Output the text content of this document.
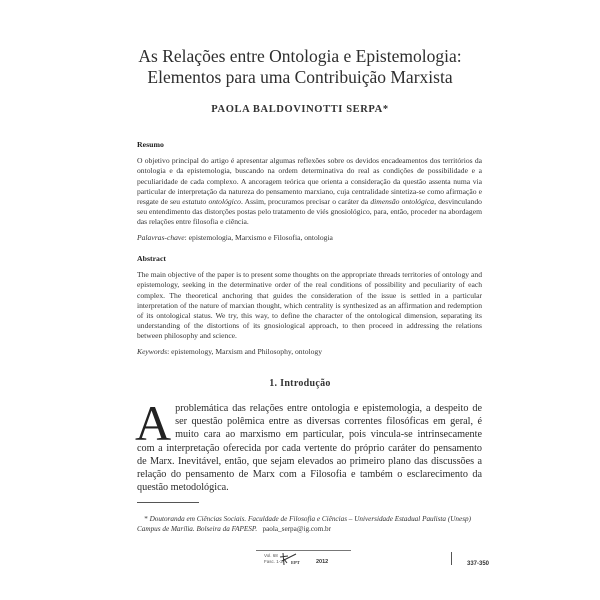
As Relações entre Ontologia e Epistemologia:
Elementos para uma Contribuição Marxista
PAOLA BALDOVINOTTI SERPA*
Resumo
O objetivo principal do artigo é apresentar algumas reflexões sobre os devidos encadeamentos dos territórios da ontologia e da epistemologia, buscando na ordem determinativa do real as condições de possibilidade e a peculiaridade de cada complexo. A ancoragem teórica que orienta a consideração da questão assenta numa via particular de interpretação da natureza do pensamento marxiano, cuja centralidade sintetiza-se como afirmação e resgate de seu estatuto ontológico. Assim, procuramos precisar o caráter da dimensão ontológica, desvinculando seu entendimento das distorções postas pelo tratamento de viés gnosiológico, para, então, proceder na abordagem das relações entre filosofia e ciência.
Palavras-chave: epistemologia, Marxismo e Filosofia, ontologia
Abstract
The main objective of the paper is to present some thoughts on the appropriate threads territories of ontology and epistemology, seeking in the determinative order of the real conditions of possibility and peculiarity of each complex. The theoretical anchoring that guides the consideration of the issue is settled in a particular interpretation of the nature of marxian thought, which centrality is synthesized as an affirmation and redemption of its ontological status. We try, this way, to define the character of the ontological dimension, separating its understanding of the distortions of its gnosiological approach, to then proceed in addressing the relations between philosophy and science.
Keywords: epistemology, Marxism and Philosophy, ontology
1. Introdução
Aproblemática das relações entre ontologia e epistemologia, a despeito de ser questão polêmica entre as diversas correntes filosóficas em geral, é muito cara ao marxismo em particular, pois vincula-se intrinsecamente com a interpretação oferecida por cada vertente do próprio caráter do pensamento de Marx. Inevitável, então, que sejam elevados ao primeiro plano das discussões a relação do pensamento de Marx com a Filosofia e também o esclarecimento da questão metodológica.
* Doutoranda em Ciências Sociais. Faculdade de Filosofia e Ciências – Universidade Estadual Paulista (Unesp) Campus de Marília. Bolseira da FAPESP. paola_serpa@ig.com.br
Vol. 68
Fasc. 1-2 EPT	2012	337-350
